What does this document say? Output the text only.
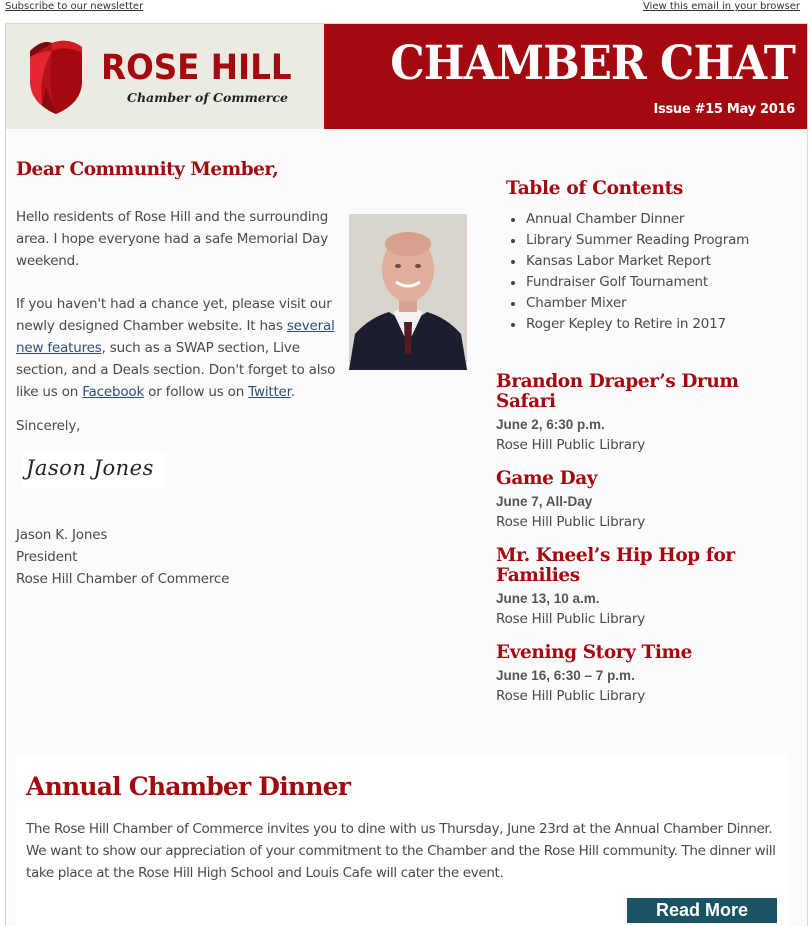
Subscribe to our newsletter	View this email in your browser
ROSE HILL
Chamber of Commerce
CHAMBER CHAT
Issue #15 May 2016
Dear Community Member,

Hello residents of Rose Hill and the surrounding area. I hope everyone had a safe Memorial Day weekend.

If you haven't had a chance yet, please visit our newly designed Chamber website. It has several new features, such as a SWAP section, Live section, and a Deals section. Don't forget to also like us on Facebook or follow us on Twitter.

Sincerely,
Jason Jones
Jason K. Jones
President
Rose Hill Chamber of Commerce
Table of Contents
Annual Chamber Dinner
Library Summer Reading Program
Kansas Labor Market Report
Fundraiser Golf Tournament
Chamber Mixer
Roger Kepley to Retire in 2017
Brandon Draper’s Drum Safari
June 2, 6:30 p.m.
Rose Hill Public Library
Game Day
June 7, All-Day
Rose Hill Public Library
Mr. Kneel’s Hip Hop for Families
June 13, 10 a.m.
Rose Hill Public Library
Evening Story Time
June 16, 6:30 – 7 p.m.
Rose Hill Public Library
Annual Chamber Dinner

The Rose Hill Chamber of Commerce invites you to dine with us Thursday, June 23rd at the Annual Chamber Dinner. We want to show our appreciation of your commitment to the Chamber and the Rose Hill community. The dinner will take place at the Rose Hill High School and Louis Cafe will cater the event.

Read More
